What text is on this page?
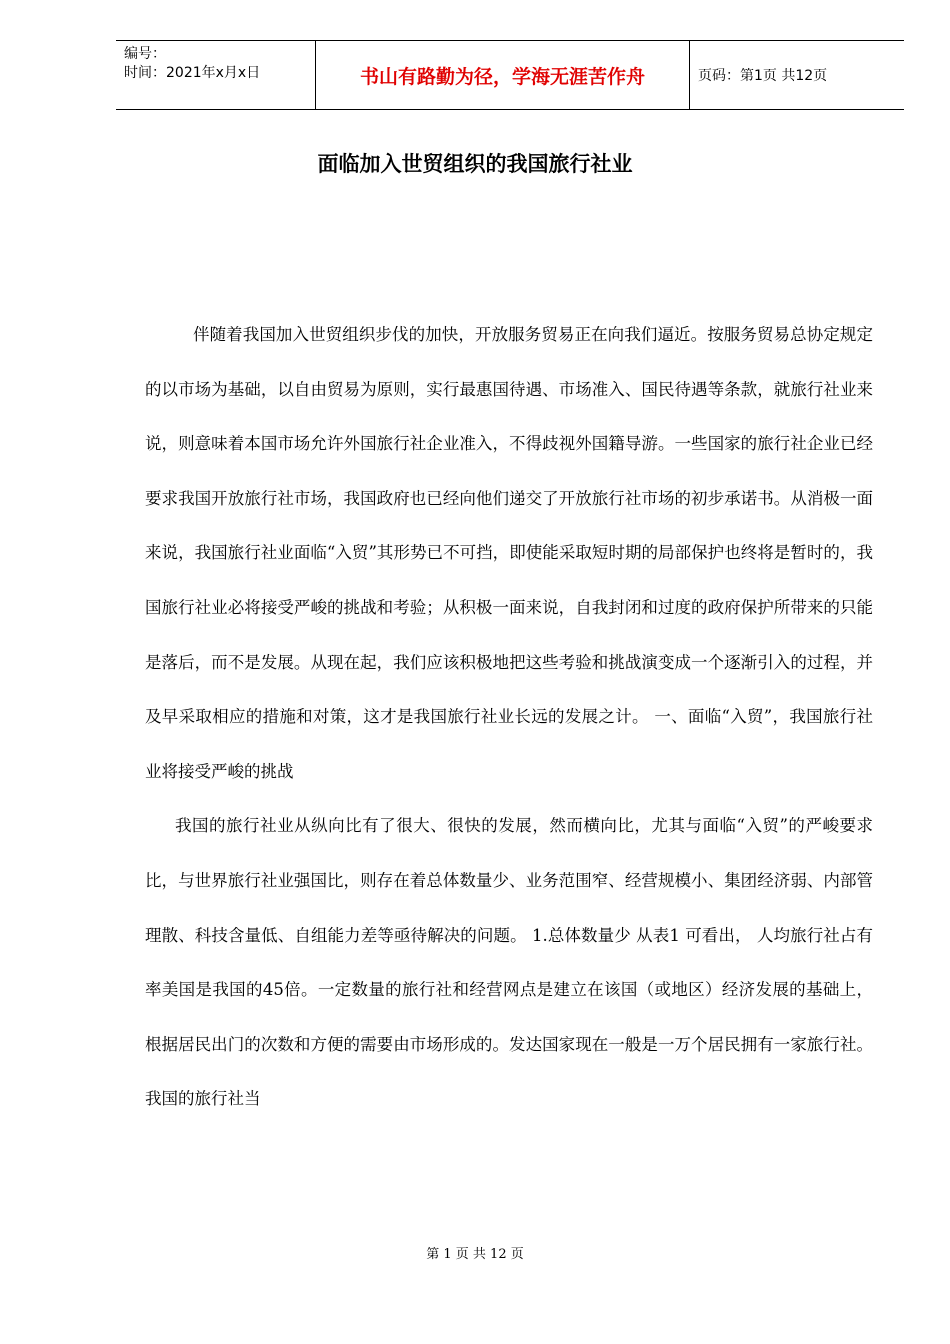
编号：
时间：2021年x月x日	书山有路勤为径，学海无涯苦作舟	页码：第1页 共12页
面临加入世贸组织的我国旅行社业

伴随着我国加入世贸组织步伐的加快，开放服务贸易正在向我们逼近。按服务贸易总协定规定的以市场为基础，以自由贸易为原则，实行最惠国待遇、市场准入、国民待遇等条款，就旅行社业来说，则意味着本国市场允许外国旅行社企业准入，不得歧视外国籍导游。一些国家的旅行社企业已经要求我国开放旅行社市场，我国政府也已经向他们递交了开放旅行社市场的初步承诺书。从消极一面来说，我国旅行社业面临“入贸”其形势已不可挡，即使能采取短时期的局部保护也终将是暂时的，我国旅行社业必将接受严峻的挑战和考验；从积极一面来说，自我封闭和过度的政府保护所带来的只能是落后，而不是发展。从现在起，我们应该积极地把这些考验和挑战演变成一个逐渐引入的过程，并及早采取相应的措施和对策，这才是我国旅行社业长远的发展之计。 一、面临“入贸”，我国旅行社业将接受严峻的挑战

我国的旅行社业从纵向比有了很大、很快的发展，然而横向比，尤其与面临“入贸”的严峻要求比，与世界旅行社业强国比，则存在着总体数量少、业务范围窄、经营规模小、集团经济弱、内部管理散、科技含量低、自组能力差等亟待解决的问题。 1.总体数量少 从表1 可看出， 人均旅行社占有率美国是我国的45倍。一定数量的旅行社和经营网点是建立在该国（或地区）经济发展的基础上，根据居民出门的次数和方便的需要由市场形成的。发达国家现在一般是一万个居民拥有一家旅行社。我国的旅行社当

第 1 页 共 12 页
